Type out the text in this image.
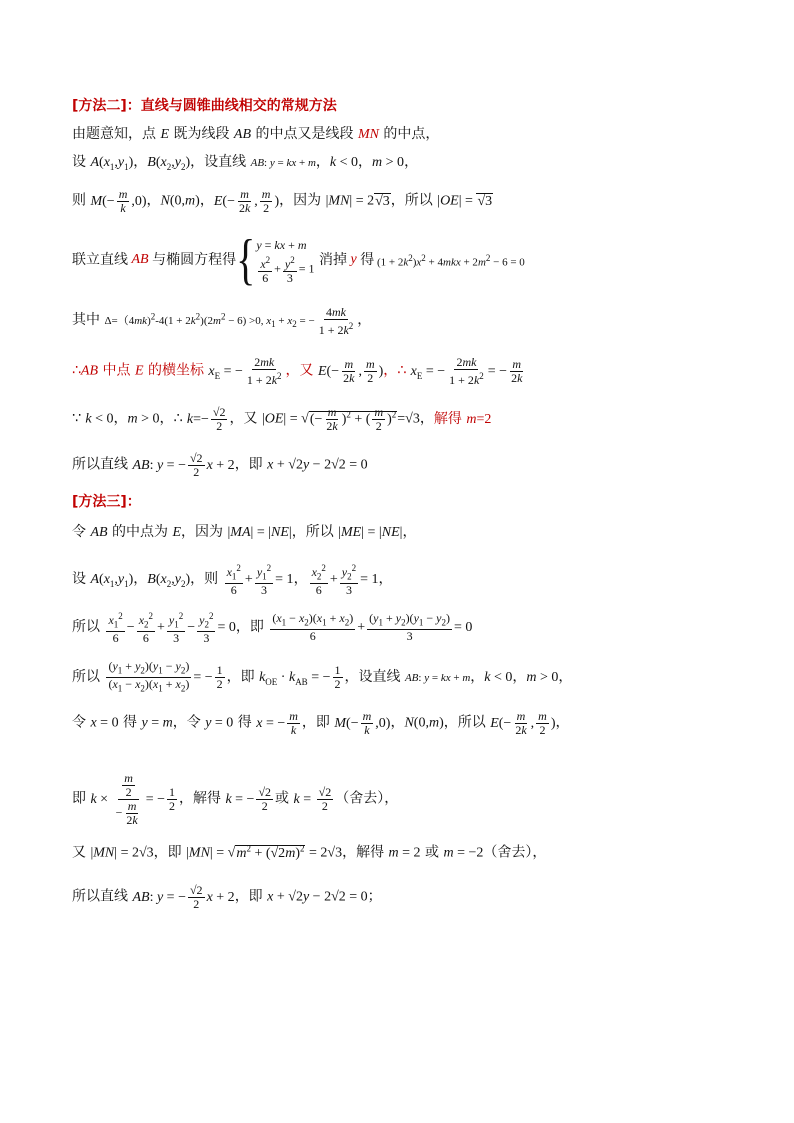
[方法二]：直线与圆锥曲线相交的常规方法
由题意知，点 E 既为线段 AB 的中点又是线段 MN 的中点，
设 $A(x_1,y_1)$，$B(x_2,y_2)$，设直线 AB: y = kx + m，k < 0，m > 0，
则 $M(- \frac{m}{k} ,0)$，N(0,m)，$E(- \frac{m}{2k}$ , $\frac{m}{2}$ )，因为 |MN| = 2√3，所以 |OE| = √3
联立直线 AB 与椭圆方程得 { y = kx + m
$\frac{x^2}{6} + \frac{y^2}{3} = 1$ 消掉 y 得 $(1 + 2k^2)x^2 + 4mkx + 2m^2 - 6 = 0$
其中 $\Delta=(4mk)^2-4(1 + 2k^2)(2m^2 - 6) >0$, $x_1 + x_2$ = − $\frac{4mk}{1 + 2k^2}$ ，
∴AB 中点 E 的横坐标 $x_E$ = − $\frac{2mk}{1 + 2k^2}$ ，又 $E(- \frac{m}{2k}$ , $\frac{m}{2}$ )，∴ $x_E$ = − $\frac{2mk}{1 + 2k^2}$ = − $\frac{m}{2k}$
∵ k < 0，m > 0，∴ $k=- \frac{√2}{2}$ ，又 |OE| = √(− $\frac{m}{2k} )^2$ + ( $\frac{m}{2} )^2=√3$，解得 m=2
所以直线 AB: y = − $\frac{√2}{2}$ x + 2，即 x + √2y − 2√2 = 0
[方法三]：
令 AB 的中点为 E，因为 |MA| = |NE|，所以 |ME| = |NE|，
设 $A(x_1,y_1)$，$B(x_2,y_2)$，则 $\frac{x_1^2}{6} + \frac{y_1^2}{3} = 1$， $\frac{x_2^2}{6} + \frac{y_2^2}{3} = 1$，
所以 $\frac{x_1^2}{6} - \frac{x_2^2}{6} + \frac{y_1^2}{3} - \frac{y_2^2}{3} = 0$，即 $\frac{(x_1 - x_2)(x_1 + x_2)}{6} + \frac{(y_1 + y_2)(y_1 - y_2)}{3} = 0$
所以 $\frac{(y_1 + y_2)(y_1 - y_2)}{(x_1 - x_2)(x_1 + x_2)}$ = − $\frac{1}{2}$ ，即 $k_{OE} \cdot k_{AB}$ = − $\frac{1}{2}$ ，设直线 AB: y = kx + m，k < 0，m > 0，
令 x = 0 得 y = m，令 y = 0 得 x = − $\frac{m}{k}$ ，即 $M(- \frac{m}{k} ,0)$，N(0,m)，所以 $E(- \frac{m}{2k}$ , $\frac{m}{2}$ )，
即 $k \times \frac{\frac{m}{2}}{- \frac{m}{2k}}$ = − $\frac{1}{2}$ ，解得 k = − $\frac{√2}{2}$ 或 $k = \frac{√2}{2}$ （舍去），
又 |MN| = 2√3，即 $|MN| = √m^2 + (√2m)^2 = 2√3$，解得 m = 2 或 m = −2（舍去），
所以直线 AB: y = − $\frac{√2}{2}$ x + 2，即 x + √2y − 2√2 = 0；
